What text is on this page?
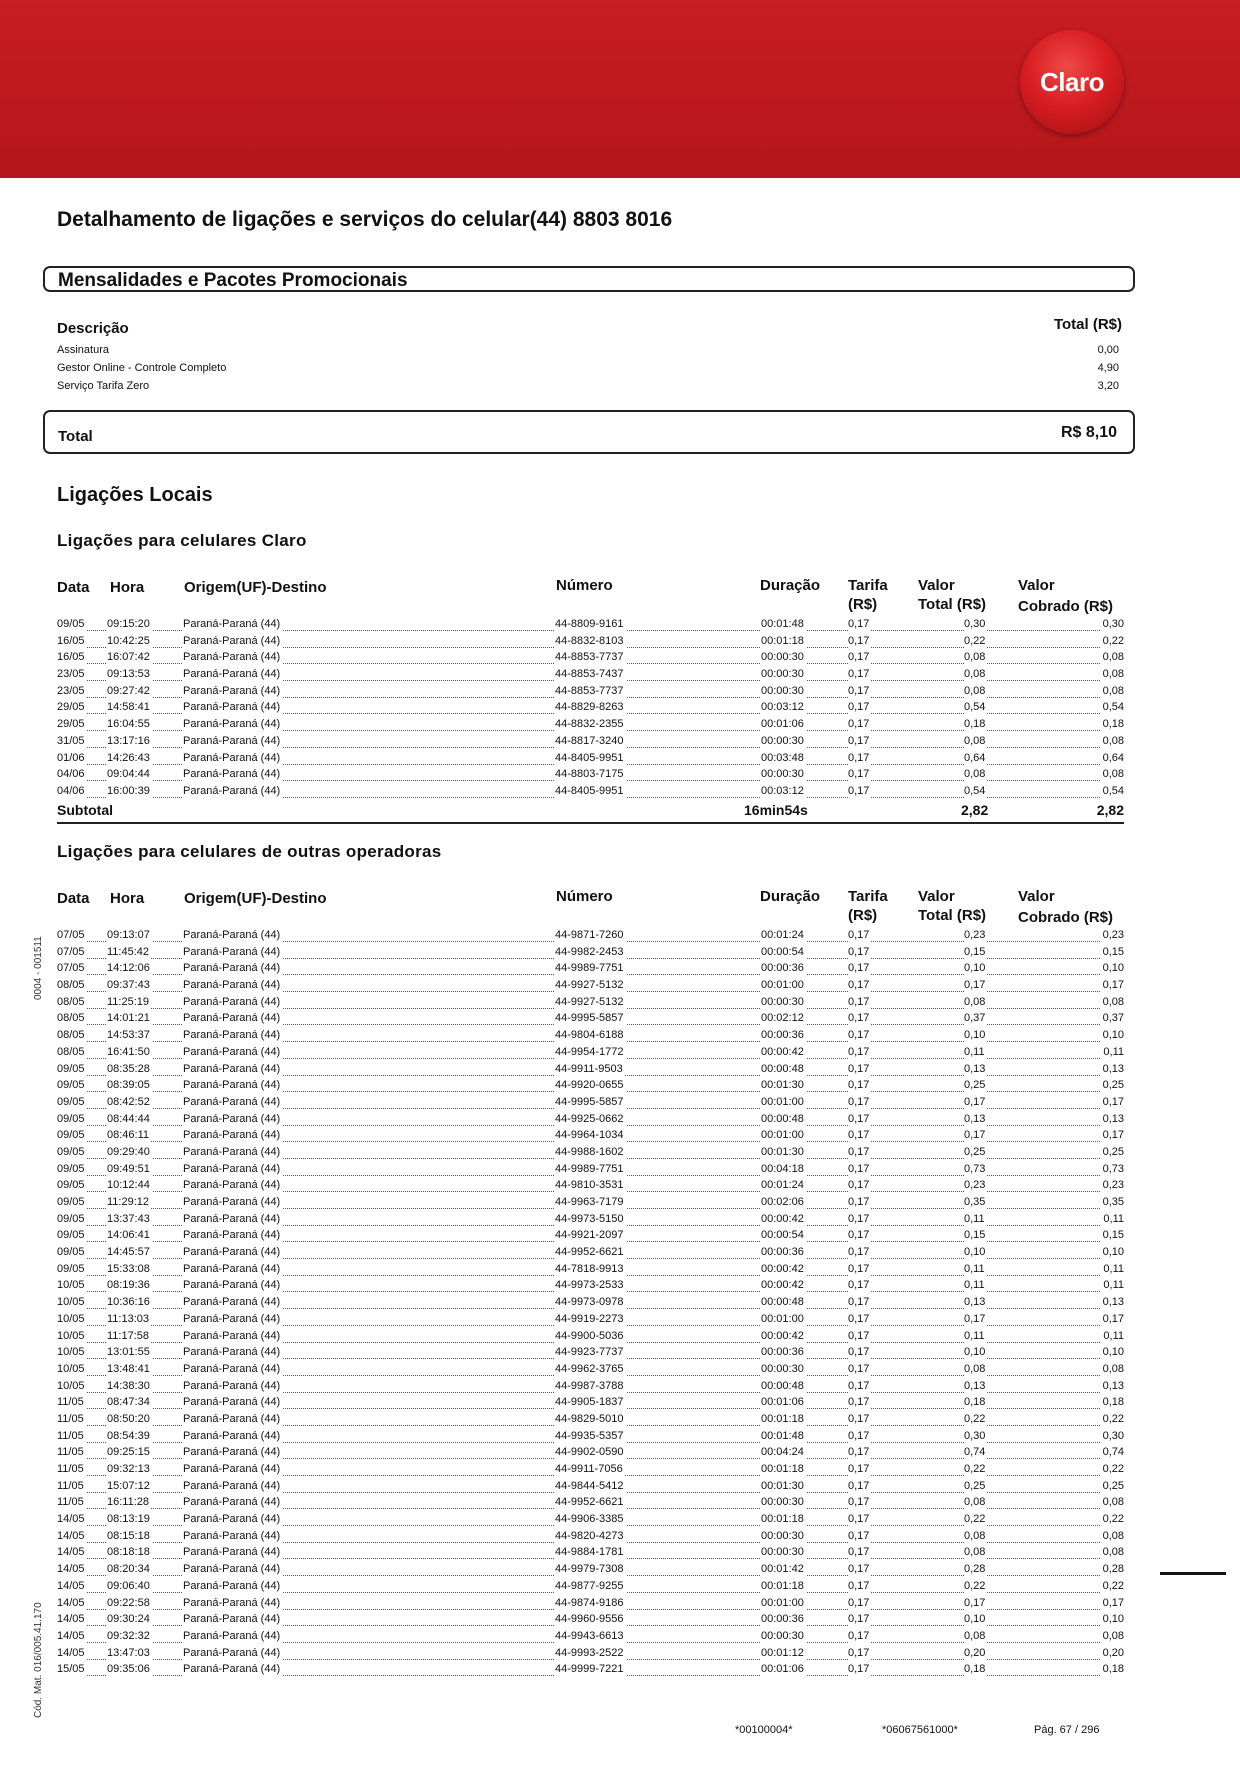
Claro
Detalhamento de ligações e serviços do celular(44) 8803 8016
Mensalidades e Pacotes Promocionais
Descrição	Total (R$)
Assinatura	0,00
Gestor Online - Controle Completo	4,90
Serviço Tarifa Zero	3,20
Total	R$ 8,10
Ligações Locais
Ligações para celulares Claro
Data Hora	Origem(UF)-Destino	Número	Duração Tarifa
(R$)
Valor
Total (R$)
Valor
Cobrado (R$)
09/05 09:15:20	Paraná-Paraná (44)	44-8809-9161	00:01:48	0,17	0,30	0,30
16/05 10:42:25	Paraná-Paraná (44)	44-8832-8103	00:01:18	0,17	0,22	0,22
16/05 16:07:42	Paraná-Paraná (44)	44-8853-7737	00:00:30	0,17	0,08	0,08
23/05 09:13:53	Paraná-Paraná (44)	44-8853-7437	00:00:30	0,17	0,08	0,08
23/05 09:27:42	Paraná-Paraná (44)	44-8853-7737	00:00:30	0,17	0,08	0,08
29/05 14:58:41	Paraná-Paraná (44)	44-8829-8263	00:03:12	0,17	0,54	0,54
29/05 16:04:55	Paraná-Paraná (44)	44-8832-2355	00:01:06	0,17	0,18	0,18
31/05 13:17:16	Paraná-Paraná (44)	44-8817-3240	00:00:30	0,17	0,08	0,08
01/06 14:26:43	Paraná-Paraná (44)	44-8405-9951	00:03:48	0,17	0,64	0,64
04/06 09:04:44	Paraná-Paraná (44)	44-8803-7175	00:00:30	0,17	0,08	0,08
04/06 16:00:39	Paraná-Paraná (44)	44-8405-9951	00:03:12	0,17	0,54	0,54
Subtotal	16min54s	2,82	2,82
Ligações para celulares de outras operadoras
Data Hora	Origem(UF)-Destino	Número	Duração Tarifa
(R$)
Valor
Total (R$)
Valor
Cobrado (R$)
07/05 09:13:07	Paraná-Paraná (44)	44-9871-7260	00:01:24	0,17	0,23	0,23
07/05 11:45:42	Paraná-Paraná (44)	44-9982-2453	00:00:54	0,17	0,15	0,15
07/05 14:12:06	Paraná-Paraná (44)	44-9989-7751	00:00:36	0,17	0,10	0,10
08/05 09:37:43	Paraná-Paraná (44)	44-9927-5132	00:01:00	0,17	0,17	0,17
08/05 11:25:19	Paraná-Paraná (44)	44-9927-5132	00:00:30	0,17	0,08	0,08
08/05 14:01:21	Paraná-Paraná (44)	44-9995-5857	00:02:12	0,17	0,37	0,37
08/05 14:53:37	Paraná-Paraná (44)	44-9804-6188	00:00:36	0,17	0,10	0,10
08/05 16:41:50	Paraná-Paraná (44)	44-9954-1772	00:00:42	0,17	0,11	0,11
09/05 08:35:28	Paraná-Paraná (44)	44-9911-9503	00:00:48	0,17	0,13	0,13
09/05 08:39:05	Paraná-Paraná (44)	44-9920-0655	00:01:30	0,17	0,25	0,25
09/05 08:42:52	Paraná-Paraná (44)	44-9995-5857	00:01:00	0,17	0,17	0,17
09/05 08:44:44	Paraná-Paraná (44)	44-9925-0662	00:00:48	0,17	0,13	0,13
09/05 08:46:11	Paraná-Paraná (44)	44-9964-1034	00:01:00	0,17	0,17	0,17
09/05 09:29:40	Paraná-Paraná (44)	44-9988-1602	00:01:30	0,17	0,25	0,25
09/05 09:49:51	Paraná-Paraná (44)	44-9989-7751	00:04:18	0,17	0,73	0,73
09/05 10:12:44	Paraná-Paraná (44)	44-9810-3531	00:01:24	0,17	0,23	0,23
09/05 11:29:12	Paraná-Paraná (44)	44-9963-7179	00:02:06	0,17	0,35	0,35
09/05 13:37:43	Paraná-Paraná (44)	44-9973-5150	00:00:42	0,17	0,11	0,11
09/05 14:06:41	Paraná-Paraná (44)	44-9921-2097	00:00:54	0,17	0,15	0,15
09/05 14:45:57	Paraná-Paraná (44)	44-9952-6621	00:00:36	0,17	0,10	0,10
09/05 15:33:08	Paraná-Paraná (44)	44-7818-9913	00:00:42	0,17	0,11	0,11
10/05 08:19:36	Paraná-Paraná (44)	44-9973-2533	00:00:42	0,17	0,11	0,11
10/05 10:36:16	Paraná-Paraná (44)	44-9973-0978	00:00:48	0,17	0,13	0,13
10/05 11:13:03	Paraná-Paraná (44)	44-9919-2273	00:01:00	0,17	0,17	0,17
10/05 11:17:58	Paraná-Paraná (44)	44-9900-5036	00:00:42	0,17	0,11	0,11
10/05 13:01:55	Paraná-Paraná (44)	44-9923-7737	00:00:36	0,17	0,10	0,10
10/05 13:48:41	Paraná-Paraná (44)	44-9962-3765	00:00:30	0,17	0,08	0,08
10/05 14:38:30	Paraná-Paraná (44)	44-9987-3788	00:00:48	0,17	0,13	0,13
11/05 08:47:34	Paraná-Paraná (44)	44-9905-1837	00:01:06	0,17	0,18	0,18
11/05 08:50:20	Paraná-Paraná (44)	44-9829-5010	00:01:18	0,17	0,22	0,22
11/05 08:54:39	Paraná-Paraná (44)	44-9935-5357	00:01:48	0,17	0,30	0,30
11/05 09:25:15	Paraná-Paraná (44)	44-9902-0590	00:04:24	0,17	0,74	0,74
11/05 09:32:13	Paraná-Paraná (44)	44-9911-7056	00:01:18	0,17	0,22	0,22
11/05 15:07:12	Paraná-Paraná (44)	44-9844-5412	00:01:30	0,17	0,25	0,25
11/05 16:11:28	Paraná-Paraná (44)	44-9952-6621	00:00:30	0,17	0,08	0,08
14/05 08:13:19	Paraná-Paraná (44)	44-9906-3385	00:01:18	0,17	0,22	0,22
14/05 08:15:18	Paraná-Paraná (44)	44-9820-4273	00:00:30	0,17	0,08	0,08
14/05 08:18:18	Paraná-Paraná (44)	44-9884-1781	00:00:30	0,17	0,08	0,08
14/05 08:20:34	Paraná-Paraná (44)	44-9979-7308	00:01:42	0,17	0,28	0,28
14/05 09:06:40	Paraná-Paraná (44)	44-9877-9255	00:01:18	0,17	0,22	0,22
14/05 09:22:58	Paraná-Paraná (44)	44-9874-9186	00:01:00	0,17	0,17	0,17
14/05 09:30:24	Paraná-Paraná (44)	44-9960-9556	00:00:36	0,17	0,10	0,10
14/05 09:32:32	Paraná-Paraná (44)	44-9943-6613	00:00:30	0,17	0,08	0,08
14/05 13:47:03	Paraná-Paraná (44)	44-9993-2522	00:01:12	0,17	0,20	0,20
15/05 09:35:06	Paraná-Paraná (44)	44-9999-7221	00:01:06	0,17	0,18	0,18
*00100004*	*06067561000*	Pág. 67 / 296
0004 - 001511
Cód. Mat. 016/005.41.170
